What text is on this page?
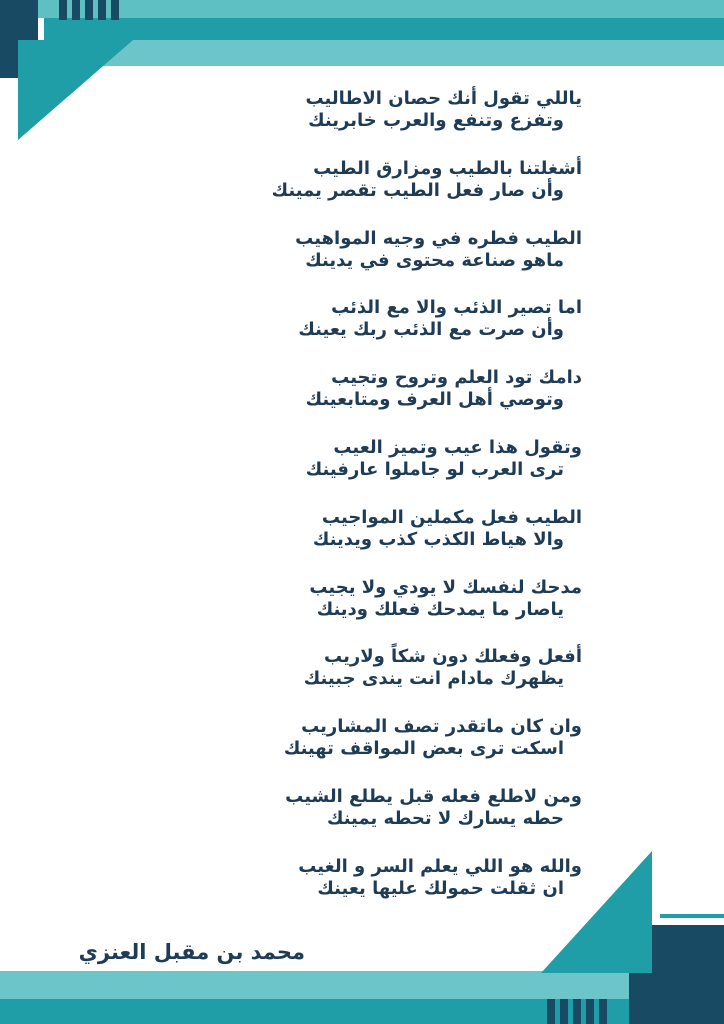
ياللي تقول أنك حصان الاطاليب
وتفزع وتنفع والعرب خابرينك
أشغلتنا بالطيب ومزارق الطيب
وأن صار فعل الطيب تقصر يمينك
الطيب فطره في وجيه المواهيب
ماهو صناعة محتوى في يدينك
اما تصير الذئب والا مع الذئب
وأن صرت مع الذئب ربك يعينك
دامك تود العلم وتروح وتجيب
وتوصي أهل العرف ومتابعينك
وتقول هذا عيب وتميز العيب
ترى العرب لو جاملوا عارفينك
الطيب فعل مكملين المواجيب
والا هياط الكذب كذب ويدينك
مدحك لنفسك لا يودي ولا يجيب
ياصار ما يمدحك فعلك ودينك
أفعل وفعلك دون شكاً ولاريب
يظهرك مادام انت يندى جبينك
وان كان ماتقدر تصف المشاريب
اسكت ترى بعض المواقف تهينك
ومن لاطلع فعله قبل يطلع الشيب
حطه يسارك لا تحطه يمينك
والله هو اللي يعلم السر و الغيب
ان ثقلت حمولك عليها يعينك
محمد بن مقبل العنزي
